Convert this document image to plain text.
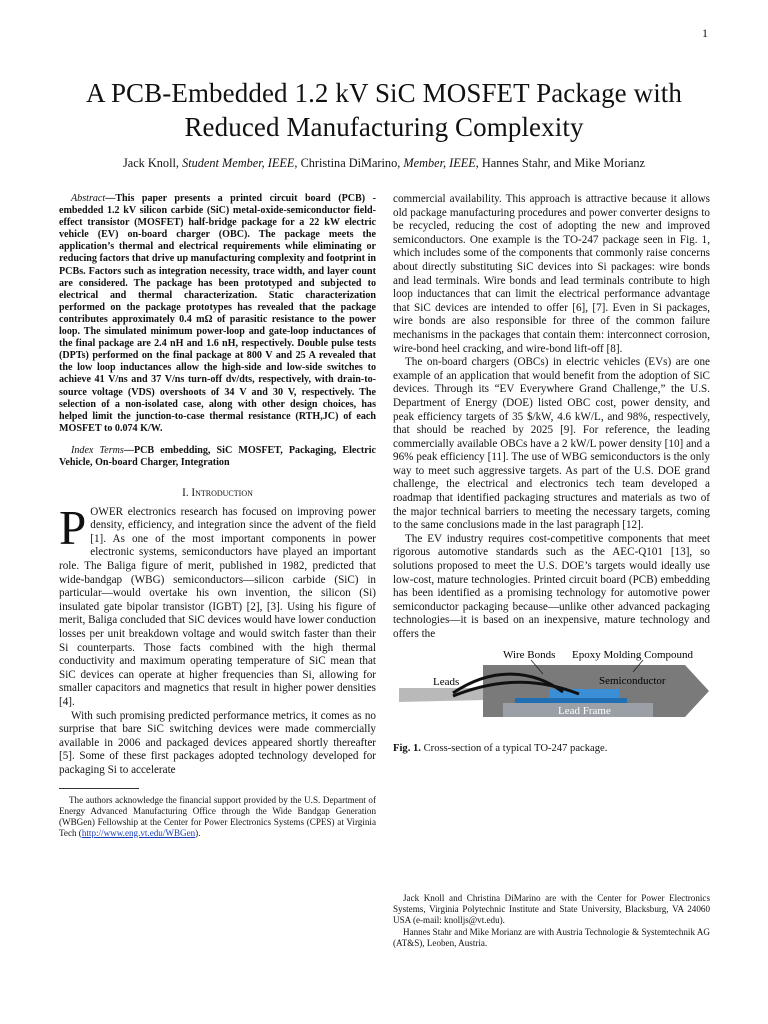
1
A PCB-Embedded 1.2 kV SiC MOSFET Package with Reduced Manufacturing Complexity
Jack Knoll, Student Member, IEEE, Christina DiMarino, Member, IEEE, Hannes Stahr, and Mike Morianz

Abstract—This paper presents a printed circuit board (PCB) -embedded 1.2 kV silicon carbide (SiC) metal-oxide-semiconductor field-effect transistor (MOSFET) half-bridge package for a 22 kW electric vehicle (EV) on-board charger (OBC). The package meets the application’s thermal and electrical requirements while eliminating or reducing factors that drive up manufacturing complexity and footprint in PCBs. Factors such as integration necessity, trace width, and layer count are considered. The package has been prototyped and subjected to electrical and thermal characterization. Static characterization performed on the package prototypes has revealed that the package contributes approximately 0.4 mΩ of parasitic resistance to the power loop. The simulated minimum power-loop and gate-loop inductances of the final package are 2.4 nH and 1.6 nH, respectively. Double pulse tests (DPTs) performed on the final package at 800 V and 25 A revealed that the low loop inductances allow the high-side and low-side switches to achieve 41 V/ns and 37 V/ns turn-off dv/dts, respectively, with drain-to-source voltage (VDS) overshoots of 34 V and 30 V, respectively. The selection of a non-isolated case, along with other design choices, has helped limit the junction-to-case thermal resistance (RTH,JC) of each MOSFET to 0.074 K/W.

Index Terms—PCB embedding, SiC MOSFET, Packaging, Electric Vehicle, On-board Charger, Integration

I. Introduction

POWER electronics research has focused on improving power density, efficiency, and integration since the advent of the field [1]. As one of the most important components in power electronic systems, semiconductors have played an important role. The Baliga figure of merit, published in 1982, predicted that wide-bandgap (WBG) semiconductors—silicon carbide (SiC) in particular—would overtake his own invention, the silicon (Si) insulated gate bipolar transistor (IGBT) [2], [3]. Using his figure of merit, Baliga concluded that SiC devices would have lower conduction losses per unit breakdown voltage and would switch faster than their Si counterparts. Those facts combined with the high thermal conductivity and maximum operating temperature of SiC mean that SiC devices can operate at higher frequencies than Si, allowing for smaller capacitors and magnetics that result in higher power densities [4].

With such promising predicted performance metrics, it comes as no surprise that bare SiC switching devices were made commercially available in 2006 and packaged devices appeared shortly thereafter [5]. Some of these first packages adopted technology developed for packaging Si to accelerate

The authors acknowledge the financial support provided by the U.S. Department of Energy Advanced Manufacturing Office through the Wide Bandgap Generation (WBGen) Fellowship at the Center for Power Electronics Systems (CPES) at Virginia Tech (http://www.eng.vt.edu/WBGen).

commercial availability. This approach is attractive because it allows old package manufacturing procedures and power converter designs to be recycled, reducing the cost of adopting the new and improved semiconductors. One example is the TO-247 package seen in Fig. 1, which includes some of the components that commonly raise concerns about directly substituting SiC devices into Si packages: wire bonds and lead terminals. Wire bonds and lead terminals contribute to high loop inductances that can limit the electrical performance advantage that SiC devices are intended to offer [6], [7]. Even in Si packages, wire bonds are also responsible for three of the common failure mechanisms in the packages that contain them: interconnect corrosion, wire-bond heel cracking, and wire-bond lift-off [8].

The on-board chargers (OBCs) in electric vehicles (EVs) are one example of an application that would benefit from the adoption of SiC devices. Through its “EV Everywhere Grand Challenge,” the U.S. Department of Energy (DOE) listed OBC cost, power density, and peak efficiency targets of 35 $/kW, 4.6 kW/L, and 98%, respectively, that should be reached by 2025 [9]. For reference, the leading commercially available OBCs have a 2 kW/L power density [10] and a 96% peak efficiency [11]. The use of WBG semiconductors is the only way to meet such aggressive targets. As part of the U.S. DOE grand challenge, the electrical and electronics tech team developed a roadmap that identified packaging structures and materials as two of the major technical barriers to meeting the necessary targets, coming to the same conclusions made in the last paragraph [12].

The EV industry requires cost-competitive components that meet rigorous automotive standards such as the AEC-Q101 [13], so solutions proposed to meet the U.S. DOE’s targets would ideally use low-cost, mature technologies. Printed circuit board (PCB) embedding has been identified as a promising technology for automotive power semiconductor packaging because—unlike other advanced packaging technologies—it is based on an inexpensive, mature technology and offers the

Wire Bonds Epoxy Molding Compound
Leads	Semiconductor
Lead Frame
Fig. 1. Cross-section of a typical TO-247 package.

Jack Knoll and Christina DiMarino are with the Center for Power Electronics Systems, Virginia Polytechnic Institute and State University, Blacksburg, VA 24060 USA (e-mail: knolljs@vt.edu).

Hannes Stahr and Mike Morianz are with Austria Technologie & Systemtechnik AG (AT&S), Leoben, Austria.
